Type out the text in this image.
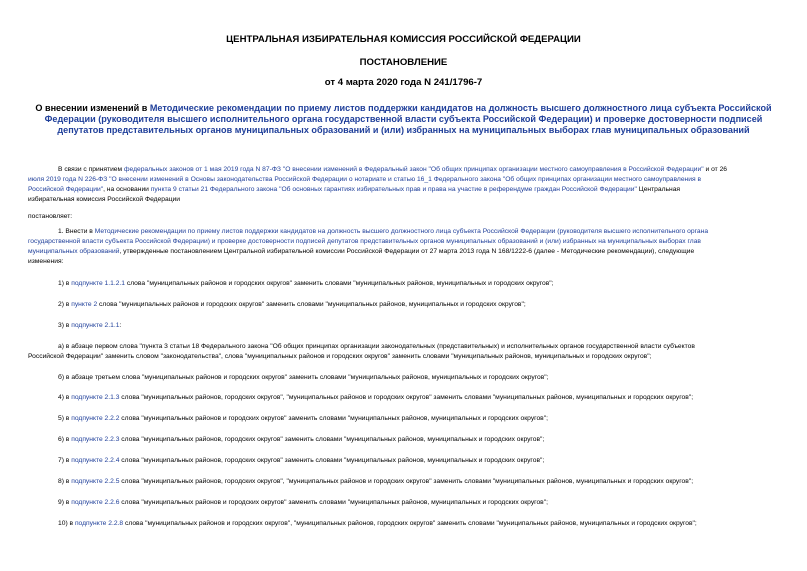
ЦЕНТРАЛЬНАЯ ИЗБИРАТЕЛЬНАЯ КОМИССИЯ РОССИЙСКОЙ ФЕДЕРАЦИИ
ПОСТАНОВЛЕНИЕ
от 4 марта 2020 года N 241/1796-7
О внесении изменений в Методические рекомендации по приему листов поддержки кандидатов на должность высшего должностного лица субъекта Российской
Федерации (руководителя высшего исполнительного органа государственной власти субъекта Российской Федерации) и проверке достоверности подписей
депутатов представительных органов муниципальных образований и (или) избранных на муниципальных выборах глав муниципальных образований
В связи с принятием федеральных законов от 1 мая 2019 года N 87-ФЗ "О внесении изменений в Федеральный закон "Об общих принципах организации местного самоуправления в Российской Федерации" и от 26
июля 2019 года N 226-ФЗ "О внесении изменений в Основы законодательства Российской Федерации о нотариате и статью 16_1 Федерального закона "Об общих принципах организации местного самоуправления в
Российской Федерации", на основании пункта 9 статьи 21 Федерального закона "Об основных гарантиях избирательных прав и права на участие в референдуме граждан Российской Федерации" Центральная
избирательная комиссия Российской Федерации
постановляет:
1. Внести в Методические рекомендации по приему листов поддержки кандидатов на должность высшего должностного лица субъекта Российской Федерации (руководителя высшего исполнительного органа
государственной власти субъекта Российской Федерации) и проверке достоверности подписей депутатов представительных органов муниципальных образований и (или) избранных на муниципальных выборах глав
муниципальных образований, утвержденные постановлением Центральной избирательной комиссии Российской Федерации от 27 марта 2013 года N 168/1222-6 (далее - Методические рекомендации), следующие
изменения:
1) в подпункте 1.1.2.1 слова "муниципальных районов и городских округов" заменить словами "муниципальных районов, муниципальных и городских округов";
2) в пункте 2 слова "муниципальных районов и городских округов" заменить словами "муниципальных районов, муниципальных и городских округов";
3) в подпункте 2.1.1:
а) в абзаце первом слова "пункта 3 статьи 18 Федерального закона "Об общих принципах организации законодательных (представительных) и исполнительных органов государственной власти субъектов
Российской Федерации" заменить словом "законодательства", слова "муниципальных районов и городских округов" заменить словами "муниципальных районов, муниципальных и городских округов";
б) в абзаце третьем слова "муниципальных районов и городских округов" заменить словами "муниципальных районов, муниципальных и городских округов";
4) в подпункте 2.1.3 слова "муниципальных районов, городских округов", "муниципальных районов и городских округов" заменить словами "муниципальных районов, муниципальных и городских округов";
5) в подпункте 2.2.2 слова "муниципальных районов и городских округов" заменить словами "муниципальных районов, муниципальных и городских округов";
6) в подпункте 2.2.3 слова "муниципальных районов, городских округов" заменить словами "муниципальных районов, муниципальных и городских округов";
7) в подпункте 2.2.4 слова "муниципальных районов, городских округов" заменить словами "муниципальных районов, муниципальных и городских округов";
8) в подпункте 2.2.5 слова "муниципальных районов, городских округов", "муниципальных районов и городских округов" заменить словами "муниципальных районов, муниципальных и городских округов";
9) в подпункте 2.2.6 слова "муниципальных районов и городских округов" заменить словами "муниципальных районов, муниципальных и городских округов";
10) в подпункте 2.2.8 слова "муниципальных районов и городских округов", "муниципальных районов, городских округов" заменить словами "муниципальных районов, муниципальных и городских округов";
